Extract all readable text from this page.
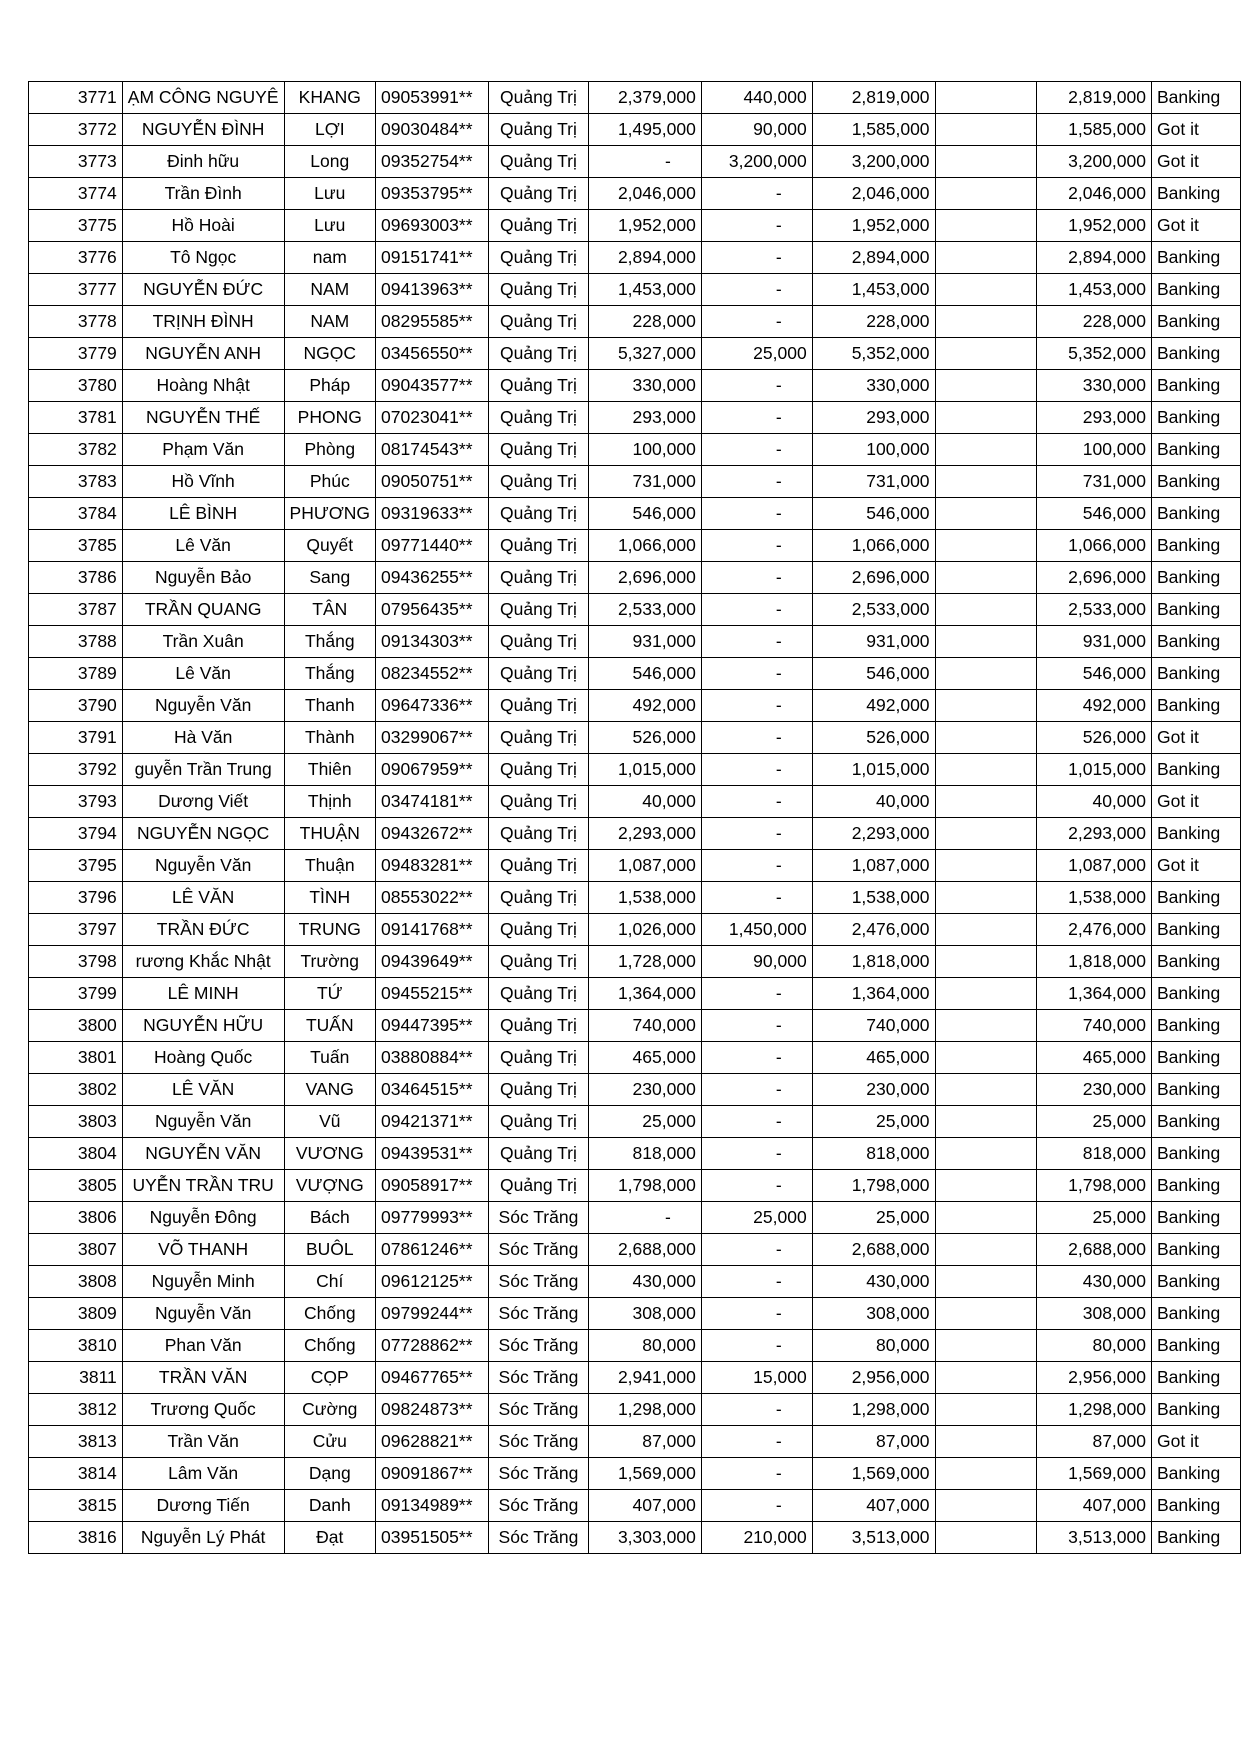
3771	ẠM CÔNG NGUYÊ	KHANG	09053991**	Quảng Trị	2,379,000	440,000	2,819,000		2,819,000	Banking
3772	NGUYỄN ĐÌNH	LỢI	09030484**	Quảng Trị	1,495,000	90,000	1,585,000		1,585,000	Got it
3773	Đinh hữu	Long	09352754**	Quảng Trị	-	3,200,000	3,200,000		3,200,000	Got it
3774	Trần Đình	Lưu	09353795**	Quảng Trị	2,046,000	-	2,046,000		2,046,000	Banking
3775	Hồ Hoài	Lưu	09693003**	Quảng Trị	1,952,000	-	1,952,000		1,952,000	Got it
3776	Tô Ngọc	nam	09151741**	Quảng Trị	2,894,000	-	2,894,000		2,894,000	Banking
3777	NGUYỄN ĐỨC	NAM	09413963**	Quảng Trị	1,453,000	-	1,453,000		1,453,000	Banking
3778	TRỊNH ĐÌNH	NAM	08295585**	Quảng Trị	228,000	-	228,000		228,000	Banking
3779	NGUYỄN ANH	NGỌC	03456550**	Quảng Trị	5,327,000	25,000	5,352,000		5,352,000	Banking
3780	Hoàng Nhật	Pháp	09043577**	Quảng Trị	330,000	-	330,000		330,000	Banking
3781	NGUYỄN THẾ	PHONG	07023041**	Quảng Trị	293,000	-	293,000		293,000	Banking
3782	Phạm Văn	Phòng	08174543**	Quảng Trị	100,000	-	100,000		100,000	Banking
3783	Hồ Vĩnh	Phúc	09050751**	Quảng Trị	731,000	-	731,000		731,000	Banking
3784	LÊ BÌNH	PHƯƠNG	09319633**	Quảng Trị	546,000	-	546,000		546,000	Banking
3785	Lê Văn	Quyết	09771440**	Quảng Trị	1,066,000	-	1,066,000		1,066,000	Banking
3786	Nguyễn Bảo	Sang	09436255**	Quảng Trị	2,696,000	-	2,696,000		2,696,000	Banking
3787	TRẦN QUANG	TÂN	07956435**	Quảng Trị	2,533,000	-	2,533,000		2,533,000	Banking
3788	Trần Xuân	Thắng	09134303**	Quảng Trị	931,000	-	931,000		931,000	Banking
3789	Lê Văn	Thắng	08234552**	Quảng Trị	546,000	-	546,000		546,000	Banking
3790	Nguyễn Văn	Thanh	09647336**	Quảng Trị	492,000	-	492,000		492,000	Banking
3791	Hà Văn	Thành	03299067**	Quảng Trị	526,000	-	526,000		526,000	Got it
3792	guyễn Trần Trung	Thiên	09067959**	Quảng Trị	1,015,000	-	1,015,000		1,015,000	Banking
3793	Dương Viết	Thịnh	03474181**	Quảng Trị	40,000	-	40,000		40,000	Got it
3794	NGUYỄN NGỌC	THUẬN	09432672**	Quảng Trị	2,293,000	-	2,293,000		2,293,000	Banking
3795	Nguyễn Văn	Thuận	09483281**	Quảng Trị	1,087,000	-	1,087,000		1,087,000	Got it
3796	LÊ VĂN	TÌNH	08553022**	Quảng Trị	1,538,000	-	1,538,000		1,538,000	Banking
3797	TRẦN ĐỨC	TRUNG	09141768**	Quảng Trị	1,026,000	1,450,000	2,476,000		2,476,000	Banking
3798	rương Khắc Nhật	Trường	09439649**	Quảng Trị	1,728,000	90,000	1,818,000		1,818,000	Banking
3799	LÊ MINH	TỨ	09455215**	Quảng Trị	1,364,000	-	1,364,000		1,364,000	Banking
3800	NGUYỄN HỮU	TUẤN	09447395**	Quảng Trị	740,000	-	740,000		740,000	Banking
3801	Hoàng Quốc	Tuấn	03880884**	Quảng Trị	465,000	-	465,000		465,000	Banking
3802	LÊ VĂN	VANG	03464515**	Quảng Trị	230,000	-	230,000		230,000	Banking
3803	Nguyễn Văn	Vũ	09421371**	Quảng Trị	25,000	-	25,000		25,000	Banking
3804	NGUYỄN VĂN	VƯƠNG	09439531**	Quảng Trị	818,000	-	818,000		818,000	Banking
3805	UYỄN TRẦN TRU	VƯỢNG	09058917**	Quảng Trị	1,798,000	-	1,798,000		1,798,000	Banking
3806	Nguyễn Đông	Bách	09779993**	Sóc Trăng	-	25,000	25,000		25,000	Banking
3807	VÕ THANH	BUÔL	07861246**	Sóc Trăng	2,688,000	-	2,688,000		2,688,000	Banking
3808	Nguyễn Minh	Chí	09612125**	Sóc Trăng	430,000	-	430,000		430,000	Banking
3809	Nguyễn Văn	Chống	09799244**	Sóc Trăng	308,000	-	308,000		308,000	Banking
3810	Phan Văn	Chống	07728862**	Sóc Trăng	80,000	-	80,000		80,000	Banking
3811	TRẦN VĂN	CỌP	09467765**	Sóc Trăng	2,941,000	15,000	2,956,000		2,956,000	Banking
3812	Trương Quốc	Cường	09824873**	Sóc Trăng	1,298,000	-	1,298,000		1,298,000	Banking
3813	Trần Văn	Cửu	09628821**	Sóc Trăng	87,000	-	87,000		87,000	Got it
3814	Lâm Văn	Dạng	09091867**	Sóc Trăng	1,569,000	-	1,569,000		1,569,000	Banking
3815	Dương Tiến	Danh	09134989**	Sóc Trăng	407,000	-	407,000		407,000	Banking
3816	Nguyễn Lý Phát	Đạt	03951505**	Sóc Trăng	3,303,000	210,000	3,513,000		3,513,000	Banking
